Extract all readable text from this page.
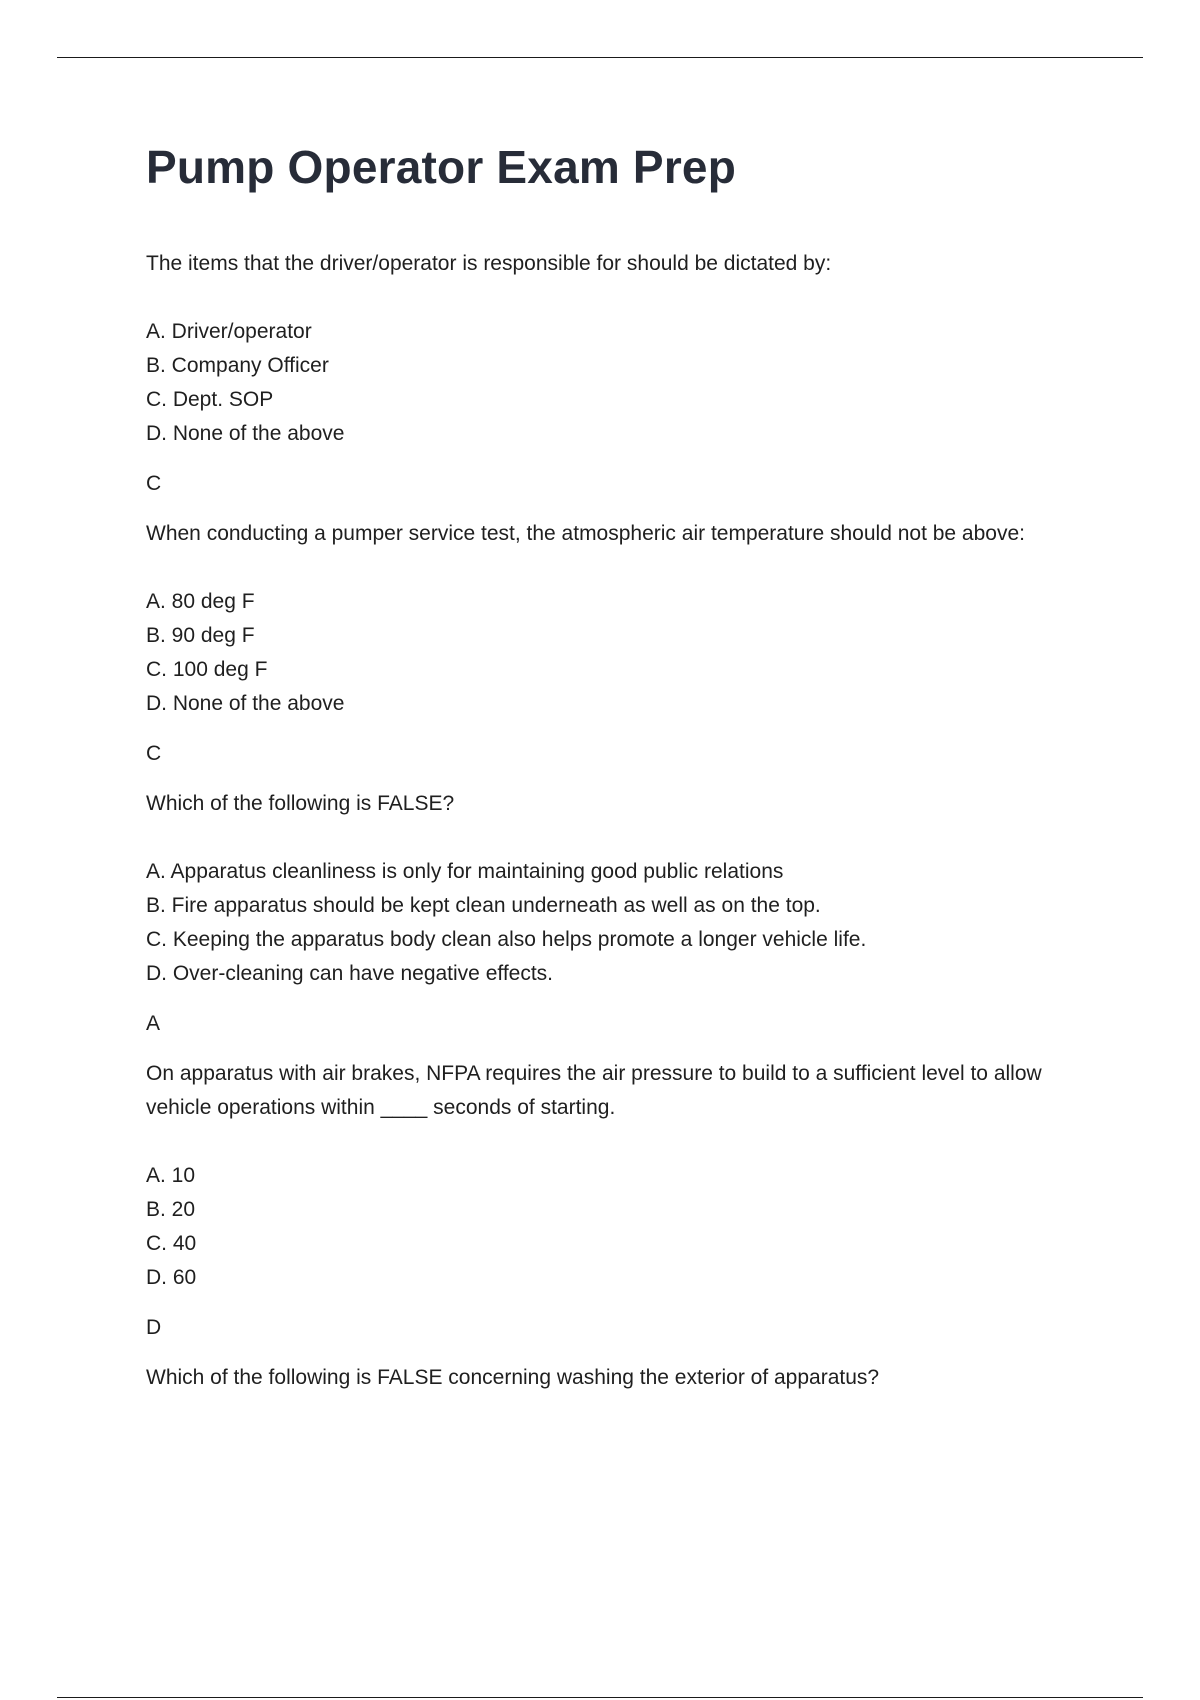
Pump Operator Exam Prep

The items that the driver/operator is responsible for should be dictated by:

A. Driver/operator
B. Company Officer
C. Dept. SOP
D. None of the above

C

When conducting a pumper service test, the atmospheric air temperature should not be above:

A. 80 deg F
B. 90 deg F
C. 100 deg F
D. None of the above

C

Which of the following is FALSE?

A. Apparatus cleanliness is only for maintaining good public relations
B. Fire apparatus should be kept clean underneath as well as on the top.
C. Keeping the apparatus body clean also helps promote a longer vehicle life.
D. Over-cleaning can have negative effects.

A

On apparatus with air brakes, NFPA requires the air pressure to build to a sufficient level to allow vehicle operations within ____ seconds of starting.

A. 10
B. 20
C. 40
D. 60

D

Which of the following is FALSE concerning washing the exterior of apparatus?
